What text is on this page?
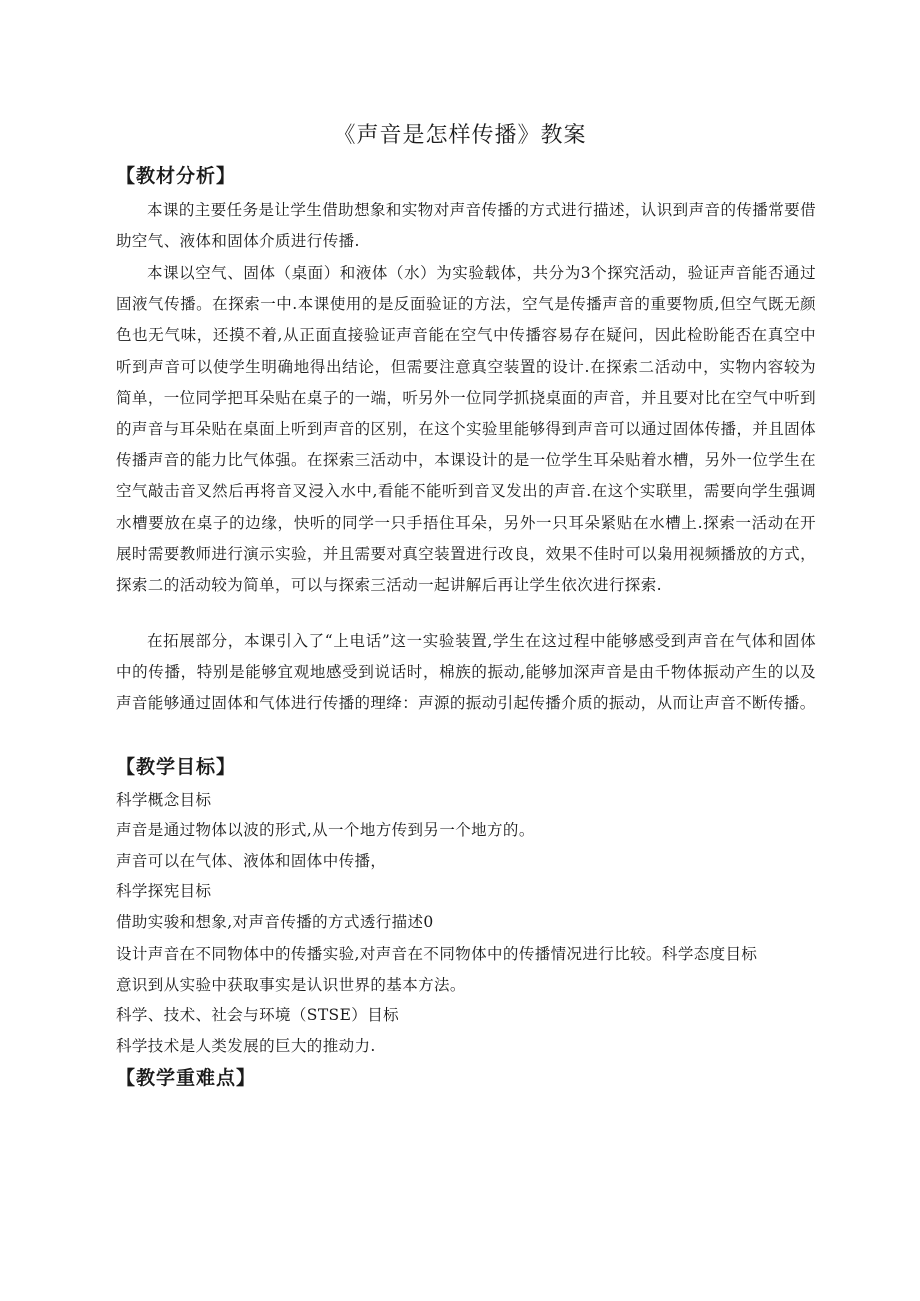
《声音是怎样传播》教案
【教材分析】

本课的主要任务是让学生借助想象和实物对声音传播的方式进行描述，认识到声音的传播常要借助空气、液体和固体介质进行传播.

本课以空气、固体（桌面）和液体（水）为实验载体，共分为3个探究活动，验证声音能否通过固液气传播。在探索一中.本课使用的是反面验证的方法，空气是传播声音的重要物质,但空气既无颜色也无气味，还摸不着,从正面直接验证声音能在空气中传播容易存在疑问，因此检盼能否在真空中听到声音可以使学生明确地得出结论，但需要注意真空装置的设计.在探索二活动中，实物内容较为简单，一位同学把耳朵贴在桌子的一端，听另外一位同学抓挠桌面的声音，并且要对比在空气中听到的声音与耳朵贴在桌面上听到声音的区别，在这个实验里能够得到声音可以通过固体传播，并且固体传播声音的能力比气体强。在探索三活动中，本课设计的是一位学生耳朵贴着水槽，另外一位学生在空气敲击音叉然后再将音叉浸入水中,看能不能听到音叉发出的声音.在这个实联里，需要向学生强调水槽要放在桌子的边缘，快听的同学一只手捂住耳朵，另外一只耳朵紧贴在水槽上.探索一活动在开展时需要教师进行演示实验，并且需要对真空装置进行改良，效果不佳时可以枭用视频播放的方式，探索二的活动较为简单，可以与探索三活动一起讲解后再让学生依次进行探索.

在拓展部分，本课引入了“上电话”这一实验装置,学生在这过程中能够感受到声音在气体和固体中的传播，特别是能够宜观地感受到说话时，棉族的振动,能够加深声音是由千物体振动产生的以及声音能够通过固体和气体进行传播的理绛：声源的振动引起传播介质的振动，从而让声音不断传播。

【教学目标】

科学概念目标

声音是通过物体以波的形式,从一个地方传到另一个地方的。

声音可以在气体、液体和固体中传播，

科学探宪目标

借助实骏和想象,对声音传播的方式透行描述0

设计声音在不同物体中的传播实验,对声音在不同物体中的传播情况进行比较。科学态度目标

意识到从实验中获取事实是认识世界的基本方法。

科学、技术、社会与环境（STSE）目标

科学技术是人类发展的巨大的推动力.

【教学重难点】
